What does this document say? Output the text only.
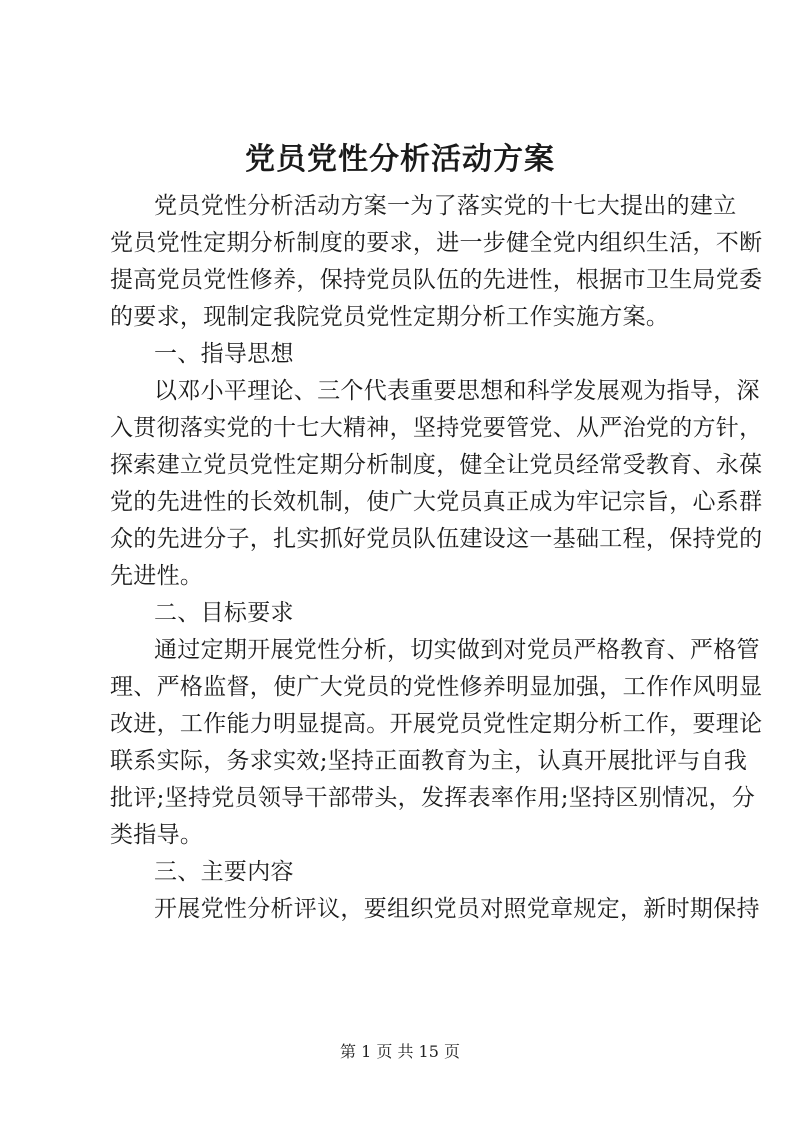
党员党性分析活动方案
党员党性分析活动方案一为了落实党的十七大提出的建立
党员党性定期分析制度的要求，进一步健全党内组织生活，不断
提高党员党性修养，保持党员队伍的先进性，根据市卫生局党委
的要求，现制定我院党员党性定期分析工作实施方案。
一、指导思想
以邓小平理论、三个代表重要思想和科学发展观为指导，深
入贯彻落实党的十七大精神，坚持党要管党、从严治党的方针，
探索建立党员党性定期分析制度，健全让党员经常受教育、永葆
党的先进性的长效机制，使广大党员真正成为牢记宗旨，心系群
众的先进分子，扎实抓好党员队伍建设这一基础工程，保持党的
先进性。
二、目标要求
通过定期开展党性分析，切实做到对党员严格教育、严格管
理、严格监督，使广大党员的党性修养明显加强，工作作风明显
改进，工作能力明显提高。开展党员党性定期分析工作，要理论
联系实际，务求实效;坚持正面教育为主，认真开展批评与自我
批评;坚持党员领导干部带头，发挥表率作用;坚持区别情况，分
类指导。
三、主要内容
开展党性分析评议，要组织党员对照党章规定，新时期保持
第 1 页 共 15 页
